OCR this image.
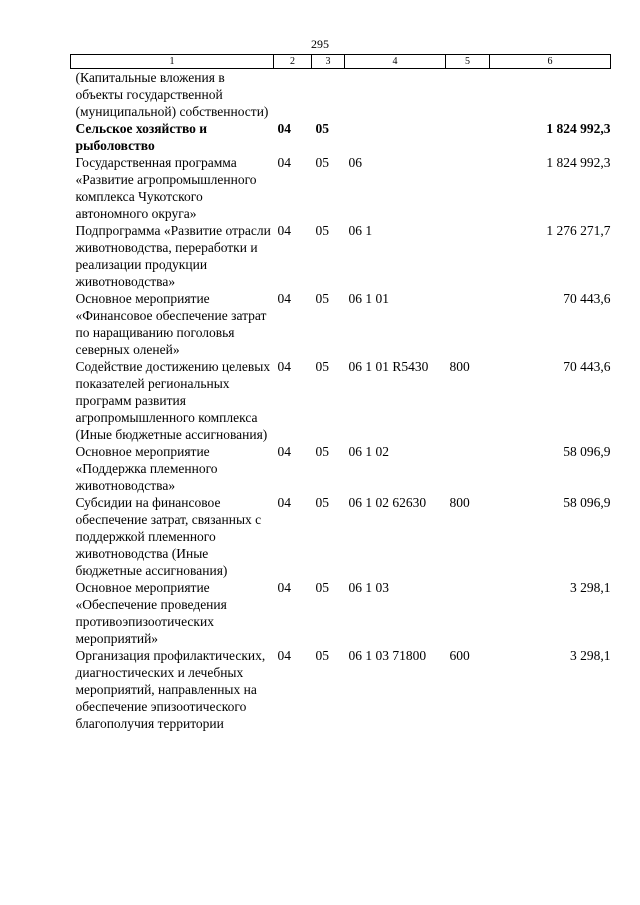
295
1	2	3	4	5	6
(Капитальные вложения в объекты государственной (муниципальной) собственности)					
Сельское хозяйство и рыболовство	04	05			1 824 992,3
Государственная программа «Развитие агропромышленного комплекса Чукотского автономного округа»	04	05	06		1 824 992,3
Подпрограмма «Развитие отрасли животноводства, переработки и реализации продукции животноводства»	04	05	06 1		1 276 271,7
Основное мероприятие «Финансовое обеспечение затрат по наращиванию поголовья северных оленей»	04	05	06 1 01		70 443,6
Содействие достижению целевых показателей региональных программ развития агропромышленного комплекса (Иные бюджетные ассигнования)	04	05	06 1 01 R5430	800	70 443,6
Основное мероприятие «Поддержка племенного животноводства»	04	05	06 1 02		58 096,9
Субсидии на финансовое обеспечение затрат, связанных с поддержкой племенного животноводства (Иные бюджетные ассигнования)	04	05	06 1 02 62630	800	58 096,9
Основное мероприятие «Обеспечение проведения противоэпизоотических мероприятий»	04	05	06 1 03		3 298,1
Организация профилактических, диагностических и лечебных мероприятий, направленных на обеспечение эпизоотического благополучия территории	04	05	06 1 03 71800	600	3 298,1
